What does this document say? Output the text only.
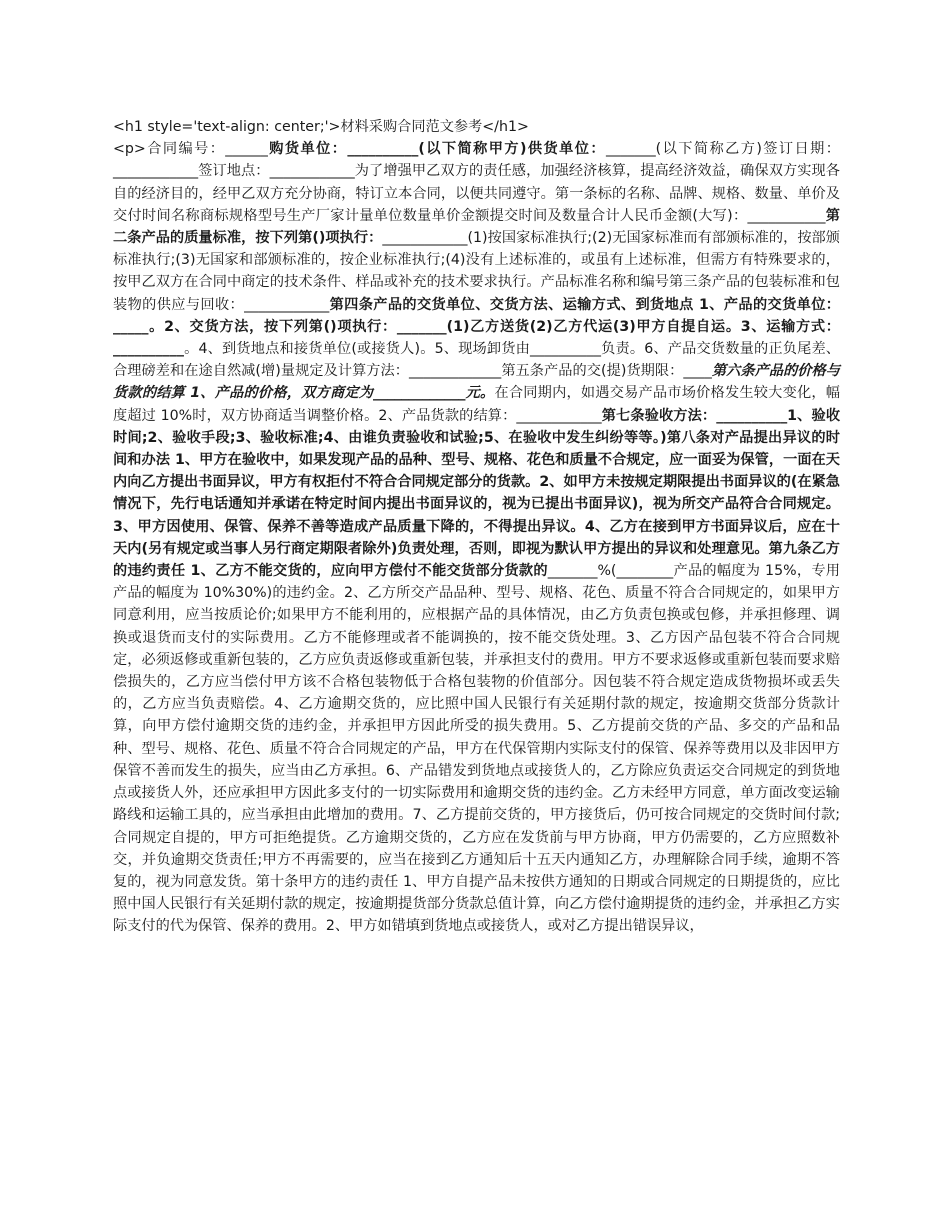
<h1 style='text-align: center;'>材料采购合同范文参考</h1>

<p>合同编号：______购货单位：__________(以下简称甲方)供货单位：_______(以下简称乙方)签订日期：____________签订地点：____________为了增强甲乙双方的责任感，加强经济核算，提高经济效益，确保双方实现各自的经济目的，经甲乙双方充分协商，特订立本合同，以便共同遵守。第一条标的名称、品牌、规格、数量、单价及交付时间名称商标规格型号生产厂家计量单位数量单价金额提交时间及数量合计人民币金额(大写)：___________第二条产品的质量标准，按下列第()项执行：____________(1)按国家标准执行;(2)无国家标准而有部颁标准的，按部颁标准执行;(3)无国家和部颁标准的，按企业标准执行;(4)没有上述标准的，或虽有上述标准，但需方有特殊要求的，按甲乙双方在合同中商定的技术条件、样品或补充的技术要求执行。产品标准名称和编号第三条产品的包装标准和包装物的供应与回收：____________第四条产品的交货单位、交货方法、运输方式、到货地点 1、产品的交货单位：_____。2、交货方法，按下列第()项执行：_______(1)乙方送货(2)乙方代运(3)甲方自提自运。3、运输方式：__________。4、到货地点和接货单位(或接货人)。5、现场卸货由__________负责。6、产品交货数量的正负尾差、合理磅差和在途自然减(增)量规定及计算方法：_____________第五条产品的交(提)货期限：____第六条产品的价格与货款的结算 1、产品的价格，双方商定为_____________元。在合同期内，如遇交易产品市场价格发生较大变化，幅度超过 10%时，双方协商适当调整价格。2、产品货款的结算：____________第七条验收方法：__________1、验收时间;2、验收手段;3、验收标准;4、由谁负责验收和试验;5、在验收中发生纠纷等等。)第八条对产品提出异议的时间和办法 1、甲方在验收中，如果发现产品的品种、型号、规格、花色和质量不合规定，应一面妥为保管，一面在天内向乙方提出书面异议，甲方有权拒付不符合合同规定部分的货款。2、如甲方未按规定期限提出书面异议的(在紧急情况下，先行电话通知并承诺在特定时间内提出书面异议的，视为已提出书面异议)，视为所交产品符合合同规定。3、甲方因使用、保管、保养不善等造成产品质量下降的，不得提出异议。4、乙方在接到甲方书面异议后，应在十天内(另有规定或当事人另行商定期限者除外)负责处理，否则，即视为默认甲方提出的异议和处理意见。第九条乙方的违约责任 1、乙方不能交货的，应向甲方偿付不能交货部分货款的_______%(________产品的幅度为 15%，专用产品的幅度为 10%30%)的违约金。2、乙方所交产品品种、型号、规格、花色、质量不符合合同规定的，如果甲方同意利用，应当按质论价;如果甲方不能利用的，应根据产品的具体情况，由乙方负责包换或包修，并承担修理、调换或退货而支付的实际费用。乙方不能修理或者不能调换的，按不能交货处理。3、乙方因产品包装不符合合同规定，必须返修或重新包装的，乙方应负责返修或重新包装，并承担支付的费用。甲方不要求返修或重新包装而要求赔偿损失的，乙方应当偿付甲方该不合格包装物低于合格包装物的价值部分。因包装不符合规定造成货物损坏或丢失的，乙方应当负责赔偿。4、乙方逾期交货的，应比照中国人民银行有关延期付款的规定，按逾期交货部分货款计算，向甲方偿付逾期交货的违约金，并承担甲方因此所受的损失费用。5、乙方提前交货的产品、多交的产品和品种、型号、规格、花色、质量不符合合同规定的产品，甲方在代保管期内实际支付的保管、保养等费用以及非因甲方保管不善而发生的损失，应当由乙方承担。6、产品错发到货地点或接货人的，乙方除应负责运交合同规定的到货地点或接货人外，还应承担甲方因此多支付的一切实际费用和逾期交货的违约金。乙方未经甲方同意，单方面改变运输路线和运输工具的，应当承担由此增加的费用。7、乙方提前交货的，甲方接货后，仍可按合同规定的交货时间付款;合同规定自提的，甲方可拒绝提货。乙方逾期交货的，乙方应在发货前与甲方协商，甲方仍需要的，乙方应照数补交，并负逾期交货责任;甲方不再需要的，应当在接到乙方通知后十五天内通知乙方，办理解除合同手续，逾期不答复的，视为同意发货。第十条甲方的违约责任 1、甲方自提产品未按供方通知的日期或合同规定的日期提货的，应比照中国人民银行有关延期付款的规定，按逾期提货部分货款总值计算，向乙方偿付逾期提货的违约金，并承担乙方实际支付的代为保管、保养的费用。2、甲方如错填到货地点或接货人，或对乙方提出错误异议，
